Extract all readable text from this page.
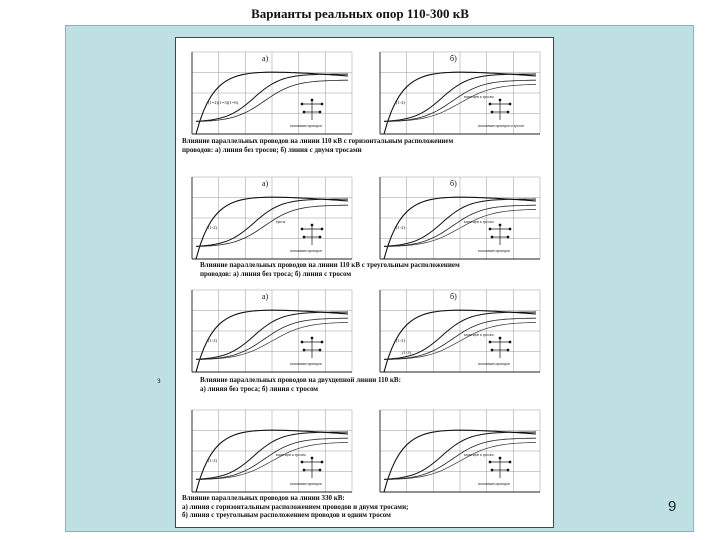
Варианты реальных опор 110-300 кВ
з
а)
(1=2)(1=3)(1=6)
положение проводов
б)
(1-2)
вплотную к тросам
положение проводов и тросов
Влияние параллельных проводов на линии 110 кВ с горизонтальным расположением
проводов: а) линия без тросов; б) линия с двумя тросами
а)
(1-2)
тросы
положение проводов
б)
(1-2)
вплотную к тросам
положение проводов
Влияние параллельных проводов на линии 110 кВ с треугольным расположением
проводов: а) линия без троса; б) линия с тросом
а)
(1-2)
положение проводов
б)
(1-2)
(1-3)
вплотную к тросам
положение проводов
Влияние параллельных проводов на двухцепной линии 110 кВ:
а) линия без троса; б) линия с тросом
(1-2)
вплотную к тросам
положение проводов
вплотную к тросам
положение проводов
Влияние параллельных проводов на линии 330 кВ:
а) линия с горизонтальным расположением проводов и двумя тросами;
б) линия с треугольным расположением проводов и одним тросом	9
